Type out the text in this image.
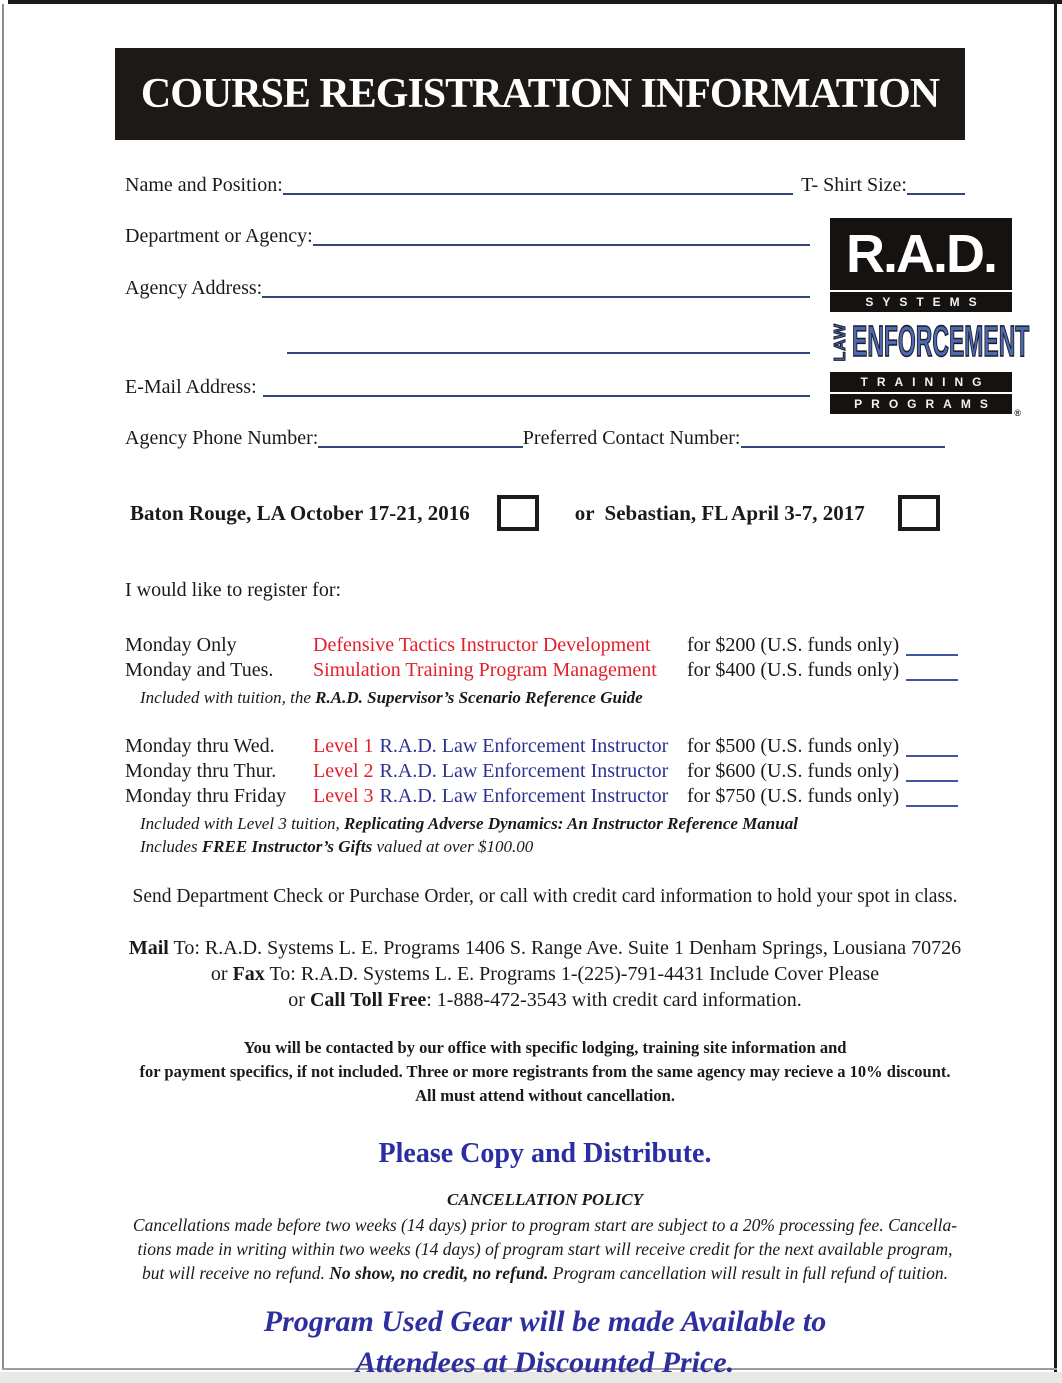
COURSE REGISTRATION INFORMATION
R.A.D.
SYSTEMS
LAW ENFORCEMENT
TRAINING
PROGRAMS
®
Name and Position:	T- Shirt Size:
Department or Agency:
Agency Address:
E-Mail Address:
Agency Phone Number:	Preferred Contact Number:
Baton Rouge, LA October 17-21, 2016	or Sebastian, FL April 3-7, 2017
I would like to register for:
Monday Only	Defensive Tactics Instructor Development	for $200 (U.S. funds only)
Monday and Tues.	Simulation Training Program Management	for $400 (U.S. funds only)
Included with tuition, the R.A.D. Supervisor’s Scenario Reference Guide
Monday thru Wed.	Level 1 R.A.D. Law Enforcement Instructor for $500 (U.S. funds only)
Monday thru Thur.	Level 2 R.A.D. Law Enforcement Instructor for $600 (U.S. funds only)
Monday thru Friday	Level 3 R.A.D. Law Enforcement Instructor for $750 (U.S. funds only)
Included with Level 3 tuition, Replicating Adverse Dynamics: An Instructor Reference Manual
Includes FREE Instructor’s Gifts valued at over $100.00
Send Department Check or Purchase Order, or call with credit card information to hold your spot in class.
Mail To: R.A.D. Systems L. E. Programs 1406 S. Range Ave. Suite 1 Denham Springs, Lousiana 70726
or Fax To: R.A.D. Systems L. E. Programs 1-(225)-791-4431 Include Cover Please
or Call Toll Free: 1-888-472-3543 with credit card information.
You will be contacted by our office with specific lodging, training site information and
for payment specifics, if not included. Three or more registrants from the same agency may recieve a 10% discount.
All must attend without cancellation.
Please Copy and Distribute.
CANCELLATION POLICY
Cancellations made before two weeks (14 days) prior to program start are subject to a 20% processing fee. Cancella-
tions made in writing within two weeks (14 days) of program start will receive credit for the next available program,
but will receive no refund. No show, no credit, no refund. Program cancellation will result in full refund of tuition.
Program Used Gear will be made Available to
Attendees at Discounted Price.
